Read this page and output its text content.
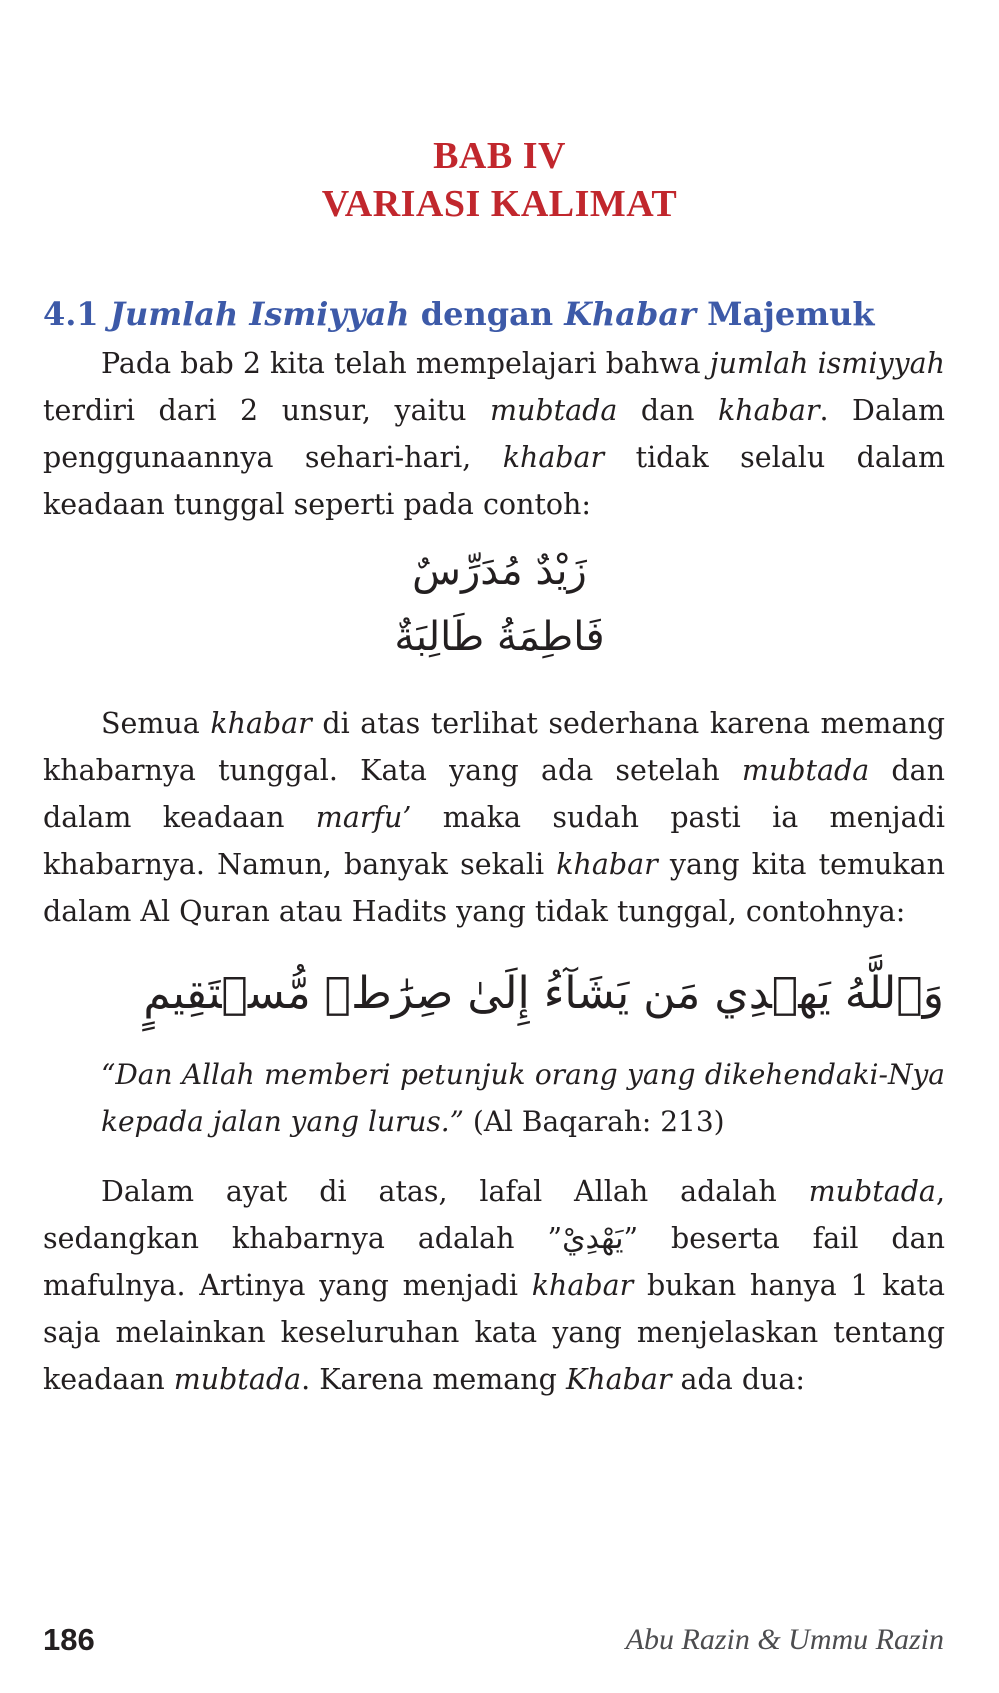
BAB IV
VARIASI KALIMAT
4.1 Jumlah Ismiyyah dengan Khabar Majemuk

Pada bab 2 kita telah mempelajari bahwa jumlah ismiyyah terdiri dari 2 unsur, yaitu mubtada dan khabar. Dalam penggunaannya sehari-hari, khabar tidak selalu dalam keadaan tunggal seperti pada contoh:

زَيْدٌ مُدَرِّسٌ
فَاطِمَةُ طَالِبَةٌ

Semua khabar di atas terlihat sederhana karena memang khabarnya tunggal. Kata yang ada setelah mubtada dan dalam keadaan marfu’ maka sudah pasti ia menjadi khabarnya. Namun, banyak sekali khabar yang kita temukan dalam Al Quran atau Hadits yang tidak tunggal, contohnya:

وَٱللَّهُ يَهۡدِي مَن يَشَآءُ إِلَىٰ صِرَٰطٖ مُّسۡتَقِيمٍ

“Dan Allah memberi petunjuk orang yang dikehendaki-Nya kepada jalan yang lurus.” (Al Baqarah: 213)

Dalam ayat di atas, lafal Allah adalah mubtada, sedangkan khabarnya adalah ”يَهْدِيْ” beserta fail dan mafulnya. Artinya yang menjadi khabar bukan hanya 1 kata saja melainkan keseluruhan kata yang menjelaskan tentang keadaan mubtada. Karena memang Khabar ada dua:

186	Abu Razin & Ummu Razin
